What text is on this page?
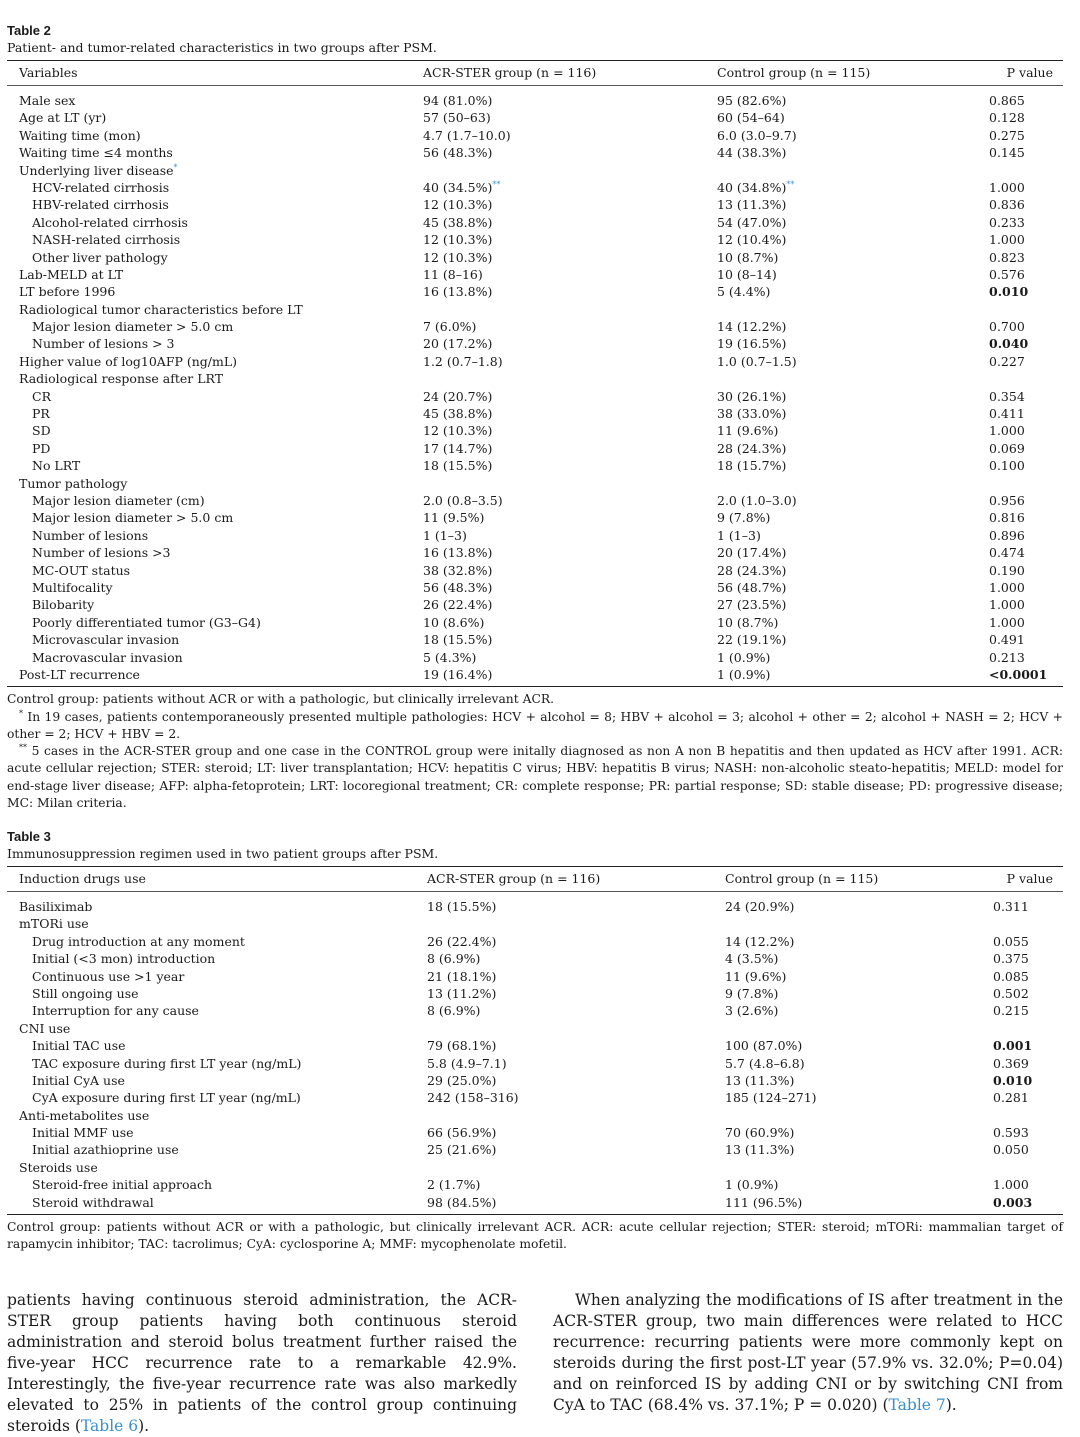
Table 2
Patient- and tumor-related characteristics in two groups after PSM.
Variables	ACR-STER group (n = 116)	Control group (n = 115)	P value
Male sex	94 (81.0%)	95 (82.6%)	0.865
Age at LT (yr)	57 (50–63)	60 (54–64)	0.128
Waiting time (mon)	4.7 (1.7–10.0)	6.0 (3.0–9.7)	0.275
Waiting time ≤4 months	56 (48.3%)	44 (38.3%)	0.145
Underlying liver disease*
HCV-related cirrhosis	40 (34.5%)**	40 (34.8%)**	1.000
HBV-related cirrhosis	12 (10.3%)	13 (11.3%)	0.836
Alcohol-related cirrhosis	45 (38.8%)	54 (47.0%)	0.233
NASH-related cirrhosis	12 (10.3%)	12 (10.4%)	1.000
Other liver pathology	12 (10.3%)	10 (8.7%)	0.823
Lab-MELD at LT	11 (8–16)	10 (8–14)	0.576
LT before 1996	16 (13.8%)	5 (4.4%)	0.010
Radiological tumor characteristics before LT
Major lesion diameter > 5.0 cm	7 (6.0%)	14 (12.2%)	0.700
Number of lesions > 3	20 (17.2%)	19 (16.5%)	0.040
Higher value of log10AFP (ng/mL)	1.2 (0.7–1.8)	1.0 (0.7–1.5)	0.227
Radiological response after LRT
CR	24 (20.7%)	30 (26.1%)	0.354
PR	45 (38.8%)	38 (33.0%)	0.411
SD	12 (10.3%)	11 (9.6%)	1.000
PD	17 (14.7%)	28 (24.3%)	0.069
No LRT	18 (15.5%)	18 (15.7%)	0.100
Tumor pathology
Major lesion diameter (cm)	2.0 (0.8–3.5)	2.0 (1.0–3.0)	0.956
Major lesion diameter > 5.0 cm	11 (9.5%)	9 (7.8%)	0.816
Number of lesions	1 (1–3)	1 (1–3)	0.896
Number of lesions >3	16 (13.8%)	20 (17.4%)	0.474
MC-OUT status	38 (32.8%)	28 (24.3%)	0.190
Multifocality	56 (48.3%)	56 (48.7%)	1.000
Bilobarity	26 (22.4%)	27 (23.5%)	1.000
Poorly differentiated tumor (G3–G4)	10 (8.6%)	10 (8.7%)	1.000
Microvascular invasion	18 (15.5%)	22 (19.1%)	0.491
Macrovascular invasion	5 (4.3%)	1 (0.9%)	0.213
Post-LT recurrence	19 (16.4%)	1 (0.9%)	<0.0001
Control group: patients without ACR or with a pathologic, but clinically irrelevant ACR.
* In 19 cases, patients contemporaneously presented multiple pathologies: HCV + alcohol = 8; HBV + alcohol = 3; alcohol + other = 2; alcohol + NASH = 2; HCV + other = 2; HCV + HBV = 2.
** 5 cases in the ACR-STER group and one case in the CONTROL group were initally diagnosed as non A non B hepatitis and then updated as HCV after 1991. ACR: acute cellular rejection; STER: steroid; LT: liver transplantation; HCV: hepatitis C virus; HBV: hepatitis B virus; NASH: non-alcoholic steato-hepatitis; MELD: model for end-stage liver disease; AFP: alpha-fetoprotein; LRT: locoregional treatment; CR: complete response; PR: partial response; SD: stable disease; PD: progressive disease; MC: Milan criteria.
Table 3
Immunosuppression regimen used in two patient groups after PSM.
Induction drugs use	ACR-STER group (n = 116)	Control group (n = 115)	P value
Basiliximab	18 (15.5%)	24 (20.9%)	0.311
mTORi use
Drug introduction at any moment	26 (22.4%)	14 (12.2%)	0.055
Initial (<3 mon) introduction	8 (6.9%)	4 (3.5%)	0.375
Continuous use >1 year	21 (18.1%)	11 (9.6%)	0.085
Still ongoing use	13 (11.2%)	9 (7.8%)	0.502
Interruption for any cause	8 (6.9%)	3 (2.6%)	0.215
CNI use
Initial TAC use	79 (68.1%)	100 (87.0%)	0.001
TAC exposure during first LT year (ng/mL)	5.8 (4.9–7.1)	5.7 (4.8–6.8)	0.369
Initial CyA use	29 (25.0%)	13 (11.3%)	0.010
CyA exposure during first LT year (ng/mL)	242 (158–316)	185 (124–271)	0.281
Anti-metabolites use
Initial MMF use	66 (56.9%)	70 (60.9%)	0.593
Initial azathioprine use	25 (21.6%)	13 (11.3%)	0.050
Steroids use
Steroid-free initial approach	2 (1.7%)	1 (0.9%)	1.000
Steroid withdrawal	98 (84.5%)	111 (96.5%)	0.003
Control group: patients without ACR or with a pathologic, but clinically irrelevant ACR. ACR: acute cellular rejection; STER: steroid; mTORi: mammalian target of rapamycin inhibitor; TAC: tacrolimus; CyA: cyclosporine A; MMF: mycophenolate mofetil.
patients having continuous steroid administration, the ACR-STER group patients having both continuous steroid administration and steroid bolus treatment further raised the five-year HCC recurrence rate to a remarkable 42.9%. Interestingly, the five-year recurrence rate was also markedly elevated to 25% in patients of the control group continuing steroids (Table 6).
When analyzing the modifications of IS after treatment in the ACR-STER group, two main differences were related to HCC recurrence: recurring patients were more commonly kept on steroids during the first post-LT year (57.9% vs. 32.0%; P=0.04) and on reinforced IS by adding CNI or by switching CNI from CyA to TAC (68.4% vs. 37.1%; P = 0.020) (Table 7).
